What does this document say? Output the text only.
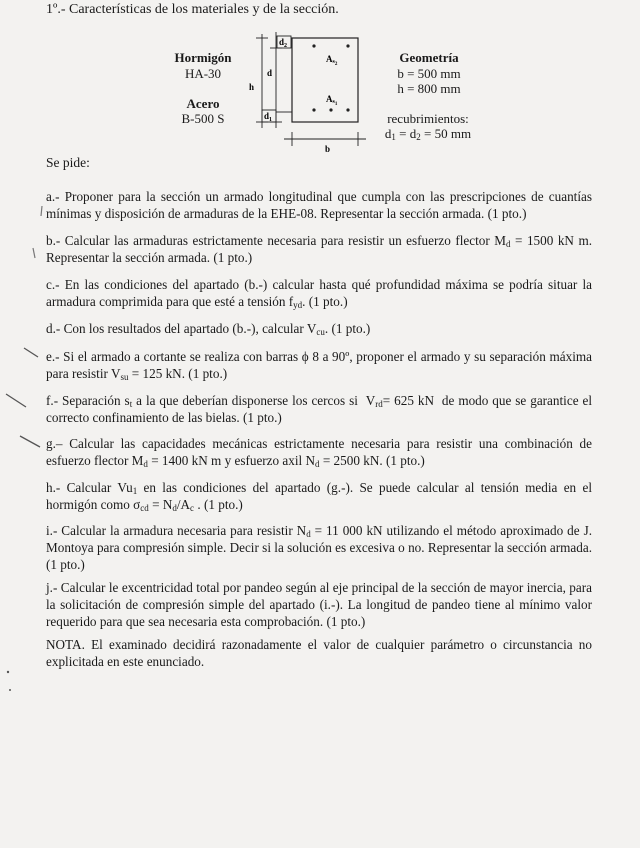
1º.- Características de los materiales y de la sección.
Hormigón
HA-30
Acero
B-500 S
Geometría
b = 500 mm
h = 800 mm
recubrimientos:
$d_1 = d_2 = 50$ mm
$d_2$
$d_1$
d
h
b
$As_2$
$As_1$
Se pide:

a.- Proponer para la sección un armado longitudinal que cumpla con las prescripciones de cuantías mínimas y disposición de armaduras de la EHE-08. Representar la sección armada. (1 pto.)

b.- Calcular las armaduras estrictamente necesaria para resistir un esfuerzo flector $M_d = 1500$ kN m. Representar la sección armada. (1 pto.)

c.- En las condiciones del apartado (b.-) calcular hasta qué profundidad máxima se podría situar la armadura comprimida para que esté a tensión $f_{yd}$. (1 pto.)

d.- Con los resultados del apartado (b.-), calcular $V_{cu}$. (1 pto.)

e.- Si el armado a cortante se realiza con barras ϕ 8 a 90º, proponer el armado y su separación máxima para resistir $V_{su} = 125$ kN. (1 pto.)

f.- Separación $s_t$ a la que deberían disponerse los cercos si  $V_{rd}= 625$ kN  de modo que se garantice el correcto confinamiento de las bielas. (1 pto.)

g.– Calcular las capacidades mecánicas estrictamente necesaria para resistir una combinación de esfuerzo flector $M_d = 1400$ kN m y esfuerzo axil $N_d = 2500$ kN. (1 pto.)

h.- Calcular $Vu_1$ en las condiciones del apartado (g.-). Se puede calcular al tensión media en el hormigón como $\sigma_{cd} = N_d/A_c$ . (1 pto.)

i.- Calcular la armadura necesaria para resistir $N_d = 11$ 000 kN utilizando el método aproximado de J. Montoya para compresión simple. Decir si la solución es excesiva o no. Representar la sección armada. (1 pto.)

j.- Calcular le excentricidad total por pandeo según al eje principal de la sección de mayor inercia, para la solicitación de compresión simple del apartado (i.-). La longitud de pandeo tiene al mínimo valor requerido para que sea necesaria esta comprobación. (1 pto.)

NOTA. El examinado decidirá razonadamente el valor de cualquier parámetro o circunstancia no explicitada en este enunciado.
